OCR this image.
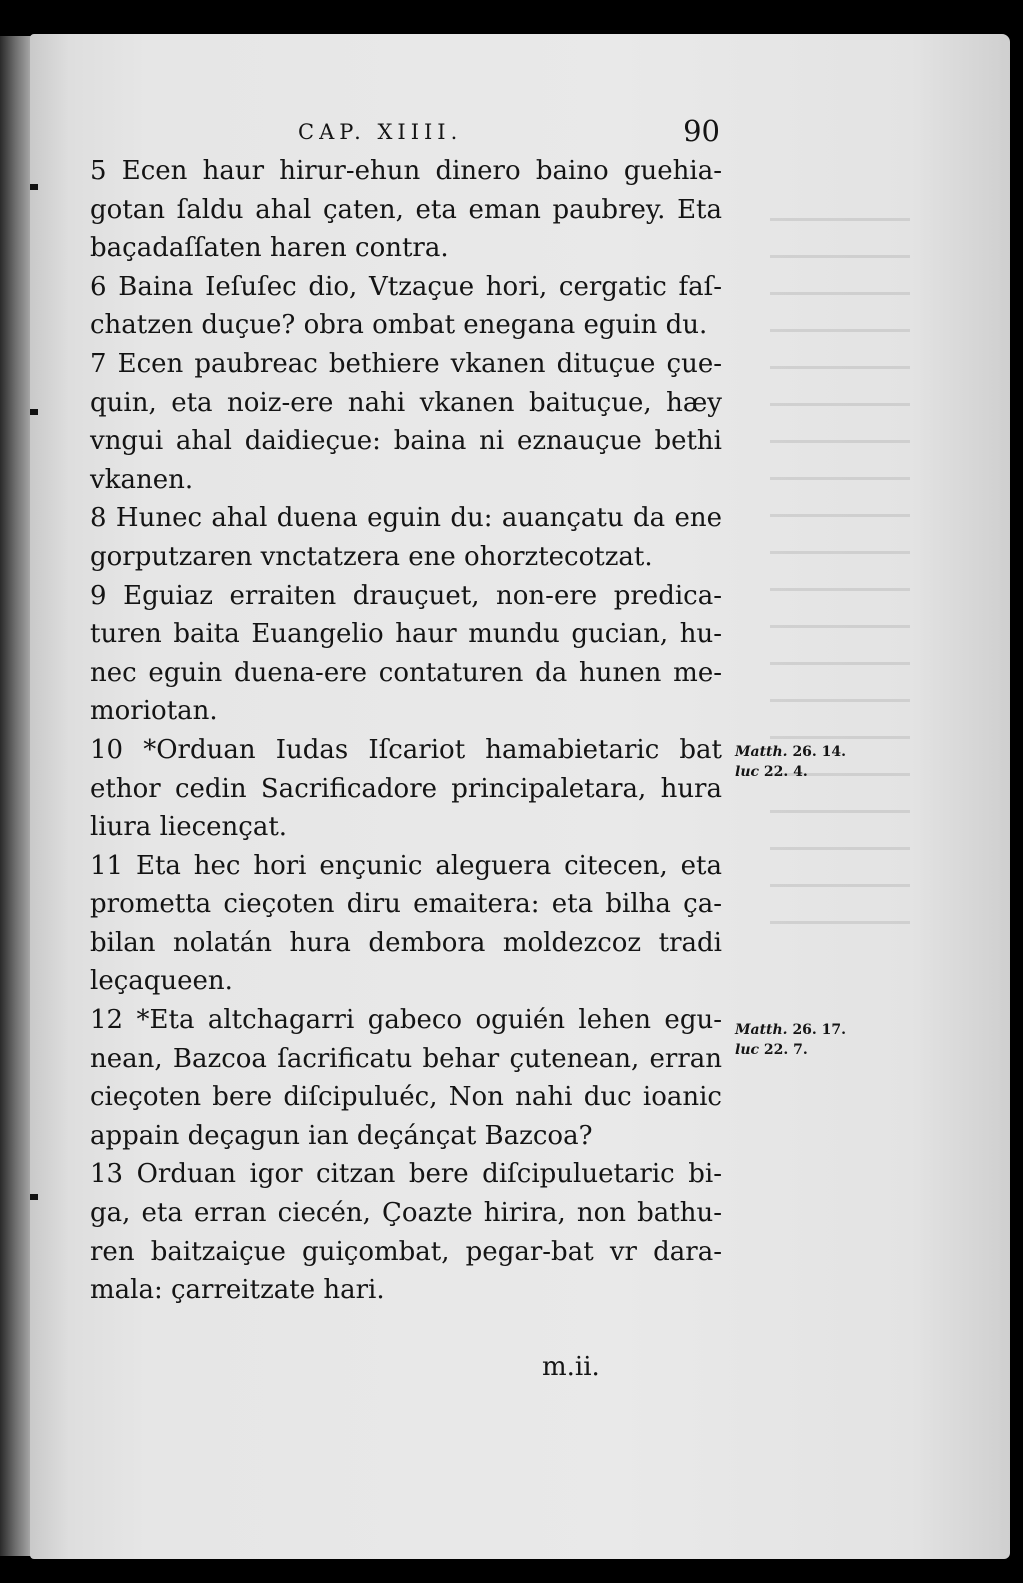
CAP. XIIII.	90

5 Ecen haur hirur-ehun dinero baino guehia-gotan ſaldu ahal çaten, eta eman paubrey. Eta baçadaſſaten haren contra.

6 Baina Ieſuſec dio, Vtzaçue hori, cergatic faſ-chatzen duçue? obra ombat enegana eguin du.

7 Ecen paubreac bethiere vkanen dituçue çue-quin, eta noiz-ere nahi vkanen baituçue, hæy vngui ahal daidieçue: baina ni eznauçue bethi vkanen.

8 Hunec ahal duena eguin du: auançatu da ene gorputzaren vnctatzera ene ohorztecotzat.

9 Eguiaz erraiten drauçuet, non-ere predica-turen baita Euangelio haur mundu gucian, hu-nec eguin duena-ere contaturen da hunen me-moriotan.

10 *Orduan Iudas Iſcariot hamabietaric bat ethor cedin Sacrificadore principaletara, hura liura liecençat.

11 Eta hec hori ençunic aleguera citecen, eta prometta cieçoten diru emaitera: eta bilha ça-bilan nolatán hura dembora moldezcoz tradi leçaqueen.

12 *Eta altchagarri gabeco oguién lehen egu-nean, Bazcoa ſacrificatu behar çutenean, erran cieçoten bere diſcipuluéc, Non nahi duc ioanic appain deçagun ian deçánçat Bazcoa?

13 Orduan igor citzan bere diſcipuluetaric bi-ga, eta erran ciecén, Çoazte hirira, non bathu-ren baitzaiçue guiçombat, pegar-bat vr dara-mala: çarreitzate hari.

Matth. 26. 14.
luc 22. 4.
Matth. 26. 17.
luc 22. 7.
m.ii.
